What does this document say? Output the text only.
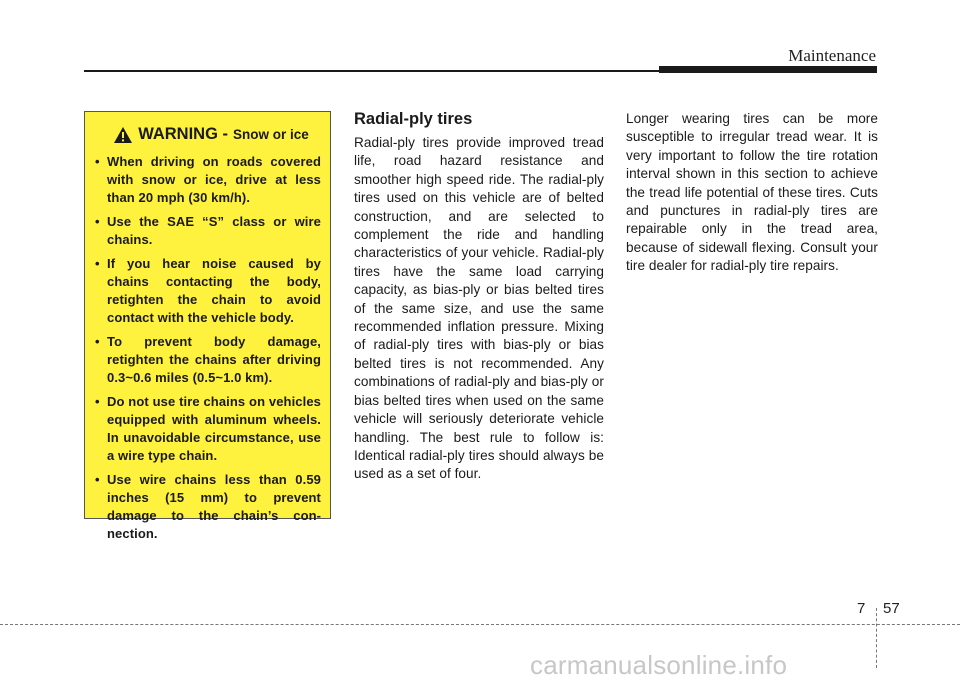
Maintenance
WARNING - Snow or ice
• When driving on roads covered with snow or ice, drive at less than 20 mph (30 km/h).
• Use the SAE “S” class or wire chains.
• If you hear noise caused by chains contacting the body, retighten the chain to avoid contact with the vehicle body.
• To prevent body damage, retighten the chains after driving 0.3~0.6 miles (0.5~1.0 km).
• Do not use tire chains on vehicles equipped with aluminum wheels. In unavoidable circumstance, use a wire type chain.
• Use wire chains less than 0.59 inches (15 mm) to prevent damage to the chain’s connection.
Radial-ply tires

Radial-ply tires provide improved tread life, road hazard resistance and smoother high speed ride. The radial-ply tires used on this vehicle are of belted construction, and are selected to complement the ride and handling characteristics of your vehicle. Radial-ply tires have the same load carrying capacity, as bias-ply or bias belted tires of the same size, and use the same recommended inflation pressure. Mixing of radial-ply tires with bias-ply or bias belted tires is not recommended. Any combinations of radial-ply and bias-ply or bias belted tires when used on the same vehicle will seriously deteriorate vehicle handling. The best rule to follow is: Identical radial-ply tires should always be used as a set of four.

Longer wearing tires can be more susceptible to irregular tread wear. It is very important to follow the tire rotation interval shown in this section to achieve the tread life potential of these tires. Cuts and punctures in radial-ply tires are repairable only in the tread area, because of sidewall flexing. Consult your tire dealer for radial-ply tire repairs.

7 57
carmanualsonline.info
